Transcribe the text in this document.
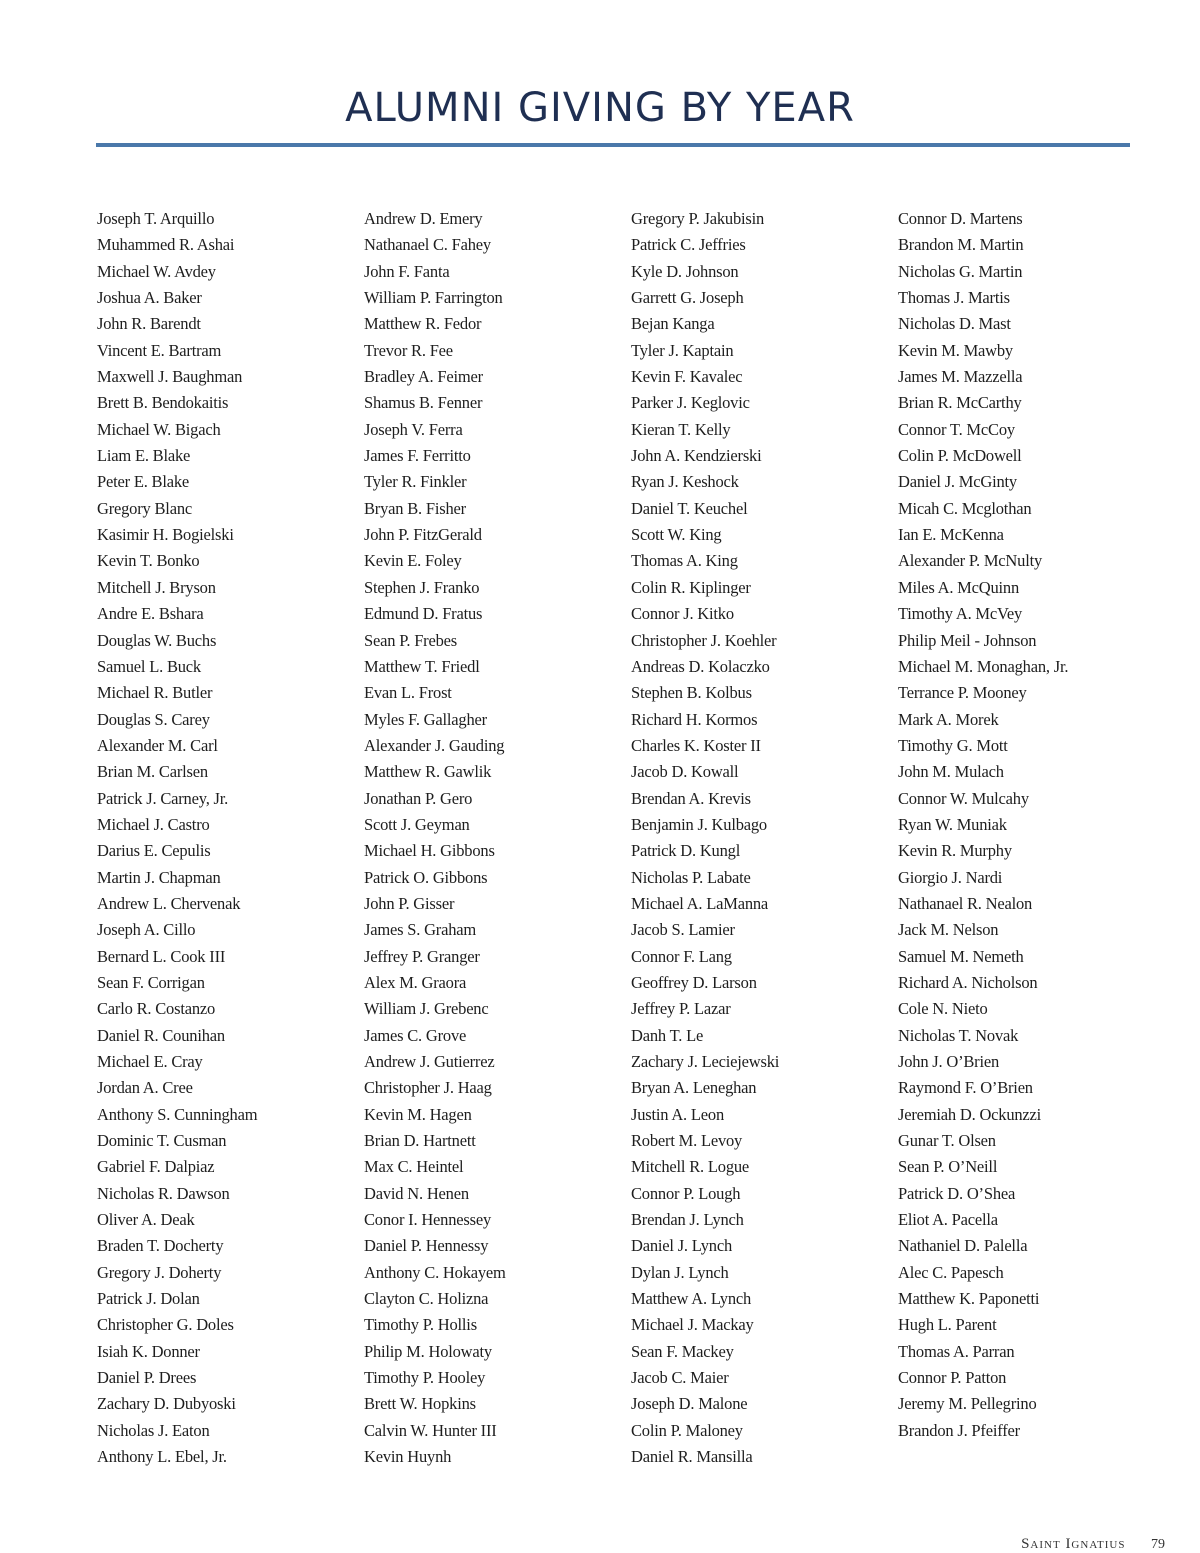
ALUMNI GIVING BY YEAR
Joseph T. Arquillo
Muhammed R. Ashai
Michael W. Avdey
Joshua A. Baker
John R. Barendt
Vincent E. Bartram
Maxwell J. Baughman
Brett B. Bendokaitis
Michael W. Bigach
Liam E. Blake
Peter E. Blake
Gregory Blanc
Kasimir H. Bogielski
Kevin T. Bonko
Mitchell J. Bryson
Andre E. Bshara
Douglas W. Buchs
Samuel L. Buck
Michael R. Butler
Douglas S. Carey
Alexander M. Carl
Brian M. Carlsen
Patrick J. Carney, Jr.
Michael J. Castro
Darius E. Cepulis
Martin J. Chapman
Andrew L. Chervenak
Joseph A. Cillo
Bernard L. Cook III
Sean F. Corrigan
Carlo R. Costanzo
Daniel R. Counihan
Michael E. Cray
Jordan A. Cree
Anthony S. Cunningham
Dominic T. Cusman
Gabriel F. Dalpiaz
Nicholas R. Dawson
Oliver A. Deak
Braden T. Docherty
Gregory J. Doherty
Patrick J. Dolan
Christopher G. Doles
Isiah K. Donner
Daniel P. Drees
Zachary D. Dubyoski
Nicholas J. Eaton
Anthony L. Ebel, Jr.
Andrew D. Emery
Nathanael C. Fahey
John F. Fanta
William P. Farrington
Matthew R. Fedor
Trevor R. Fee
Bradley A. Feimer
Shamus B. Fenner
Joseph V. Ferra
James F. Ferritto
Tyler R. Finkler
Bryan B. Fisher
John P. FitzGerald
Kevin E. Foley
Stephen J. Franko
Edmund D. Fratus
Sean P. Frebes
Matthew T. Friedl
Evan L. Frost
Myles F. Gallagher
Alexander J. Gauding
Matthew R. Gawlik
Jonathan P. Gero
Scott J. Geyman
Michael H. Gibbons
Patrick O. Gibbons
John P. Gisser
James S. Graham
Jeffrey P. Granger
Alex M. Graora
William J. Grebenc
James C. Grove
Andrew J. Gutierrez
Christopher J. Haag
Kevin M. Hagen
Brian D. Hartnett
Max C. Heintel
David N. Henen
Conor I. Hennessey
Daniel P. Hennessy
Anthony C. Hokayem
Clayton C. Holizna
Timothy P. Hollis
Philip M. Holowaty
Timothy P. Hooley
Brett W. Hopkins
Calvin W. Hunter III
Kevin Huynh
Gregory P. Jakubisin
Patrick C. Jeffries
Kyle D. Johnson
Garrett G. Joseph
Bejan Kanga
Tyler J. Kaptain
Kevin F. Kavalec
Parker J. Keglovic
Kieran T. Kelly
John A. Kendzierski
Ryan J. Keshock
Daniel T. Keuchel
Scott W. King
Thomas A. King
Colin R. Kiplinger
Connor J. Kitko
Christopher J. Koehler
Andreas D. Kolaczko
Stephen B. Kolbus
Richard H. Kormos
Charles K. Koster II
Jacob D. Kowall
Brendan A. Krevis
Benjamin J. Kulbago
Patrick D. Kungl
Nicholas P. Labate
Michael A. LaManna
Jacob S. Lamier
Connor F. Lang
Geoffrey D. Larson
Jeffrey P. Lazar
Danh T. Le
Zachary J. Leciejewski
Bryan A. Leneghan
Justin A. Leon
Robert M. Levoy
Mitchell R. Logue
Connor P. Lough
Brendan J. Lynch
Daniel J. Lynch
Dylan J. Lynch
Matthew A. Lynch
Michael J. Mackay
Sean F. Mackey
Jacob C. Maier
Joseph D. Malone
Colin P. Maloney
Daniel R. Mansilla
Connor D. Martens
Brandon M. Martin
Nicholas G. Martin
Thomas J. Martis
Nicholas D. Mast
Kevin M. Mawby
James M. Mazzella
Brian R. McCarthy
Connor T. McCoy
Colin P. McDowell
Daniel J. McGinty
Micah C. Mcglothan
Ian E. McKenna
Alexander P. McNulty
Miles A. McQuinn
Timothy A. McVey
Philip Meil - Johnson
Michael M. Monaghan, Jr.
Terrance P. Mooney
Mark A. Morek
Timothy G. Mott
John M. Mulach
Connor W. Mulcahy
Ryan W. Muniak
Kevin R. Murphy
Giorgio J. Nardi
Nathanael R. Nealon
Jack M. Nelson
Samuel M. Nemeth
Richard A. Nicholson
Cole N. Nieto
Nicholas T. Novak
John J. O’Brien
Raymond F. O’Brien
Jeremiah D. Ockunzzi
Gunar T. Olsen
Sean P. O’Neill
Patrick D. O’Shea
Eliot A. Pacella
Nathaniel D. Palella
Alec C. Papesch
Matthew K. Paponetti
Hugh L. Parent
Thomas A. Parran
Connor P. Patton
Jeremy M. Pellegrino
Brandon J. Pfeiffer
Saint Ignatius 79
